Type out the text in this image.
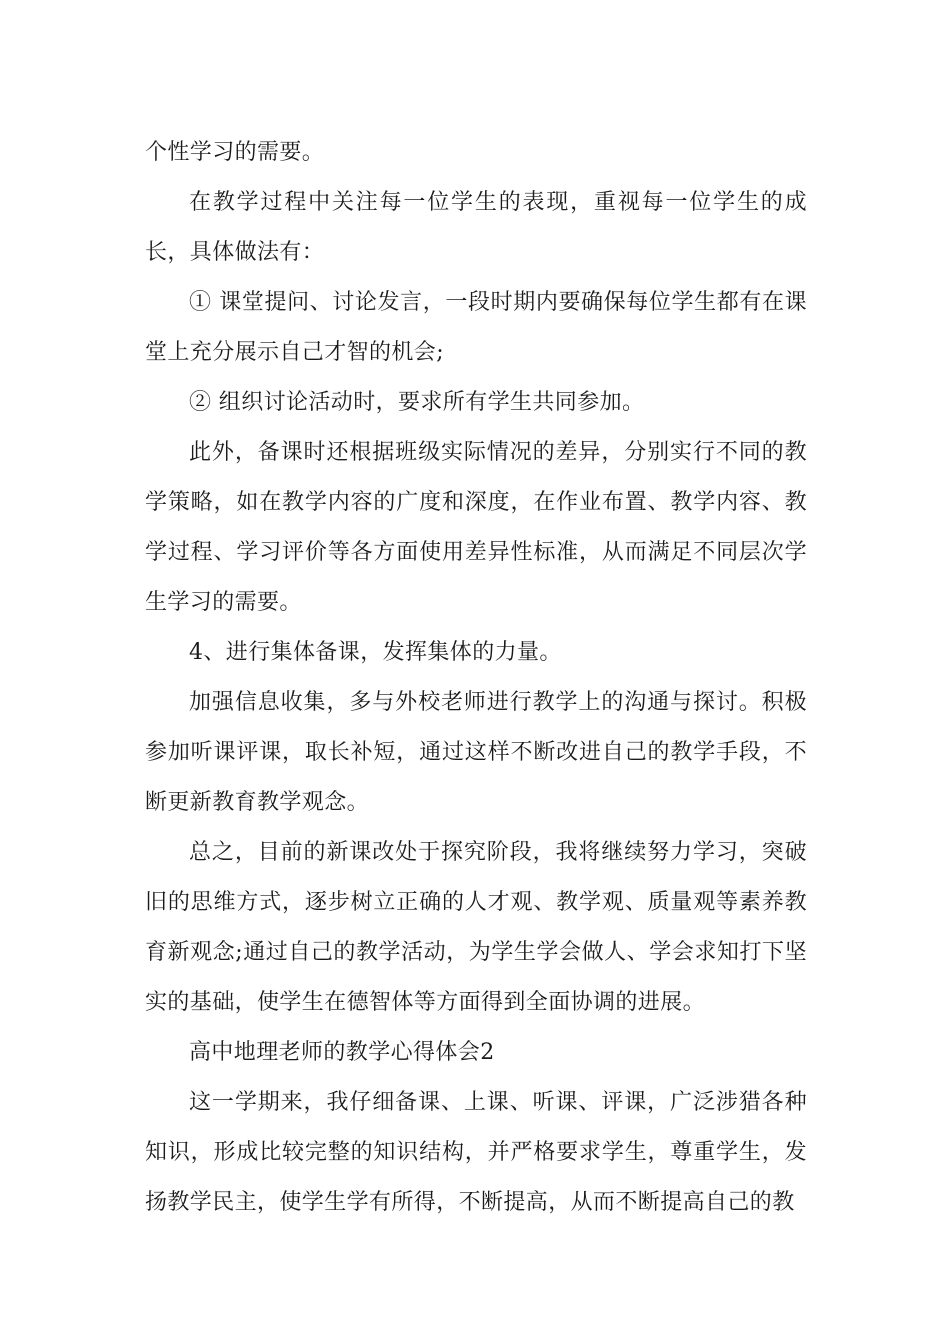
个性学习的需要。

在教学过程中关注每一位学生的表现，重视每一位学生的成长，具体做法有：

① 课堂提问、讨论发言，一段时期内要确保每位学生都有在课堂上充分展示自己才智的机会;

② 组织讨论活动时，要求所有学生共同参加。

此外，备课时还根据班级实际情况的差异，分别实行不同的教学策略，如在教学内容的广度和深度，在作业布置、教学内容、教学过程、学习评价等各方面使用差异性标准，从而满足不同层次学生学习的需要。

4、进行集体备课，发挥集体的力量。

加强信息收集，多与外校老师进行教学上的沟通与探讨。积极参加听课评课，取长补短，通过这样不断改进自己的教学手段，不断更新教育教学观念。

总之，目前的新课改处于探究阶段，我将继续努力学习，突破旧的思维方式，逐步树立正确的人才观、教学观、质量观等素养教育新观念;通过自己的教学活动，为学生学会做人、学会求知打下坚实的基础，使学生在德智体等方面得到全面协调的进展。

高中地理老师的教学心得体会2

这一学期来，我仔细备课、上课、听课、评课，广泛涉猎各种知识，形成比较完整的知识结构，并严格要求学生，尊重学生，发扬教学民主，使学生学有所得，不断提高，从而不断提高自己的教
